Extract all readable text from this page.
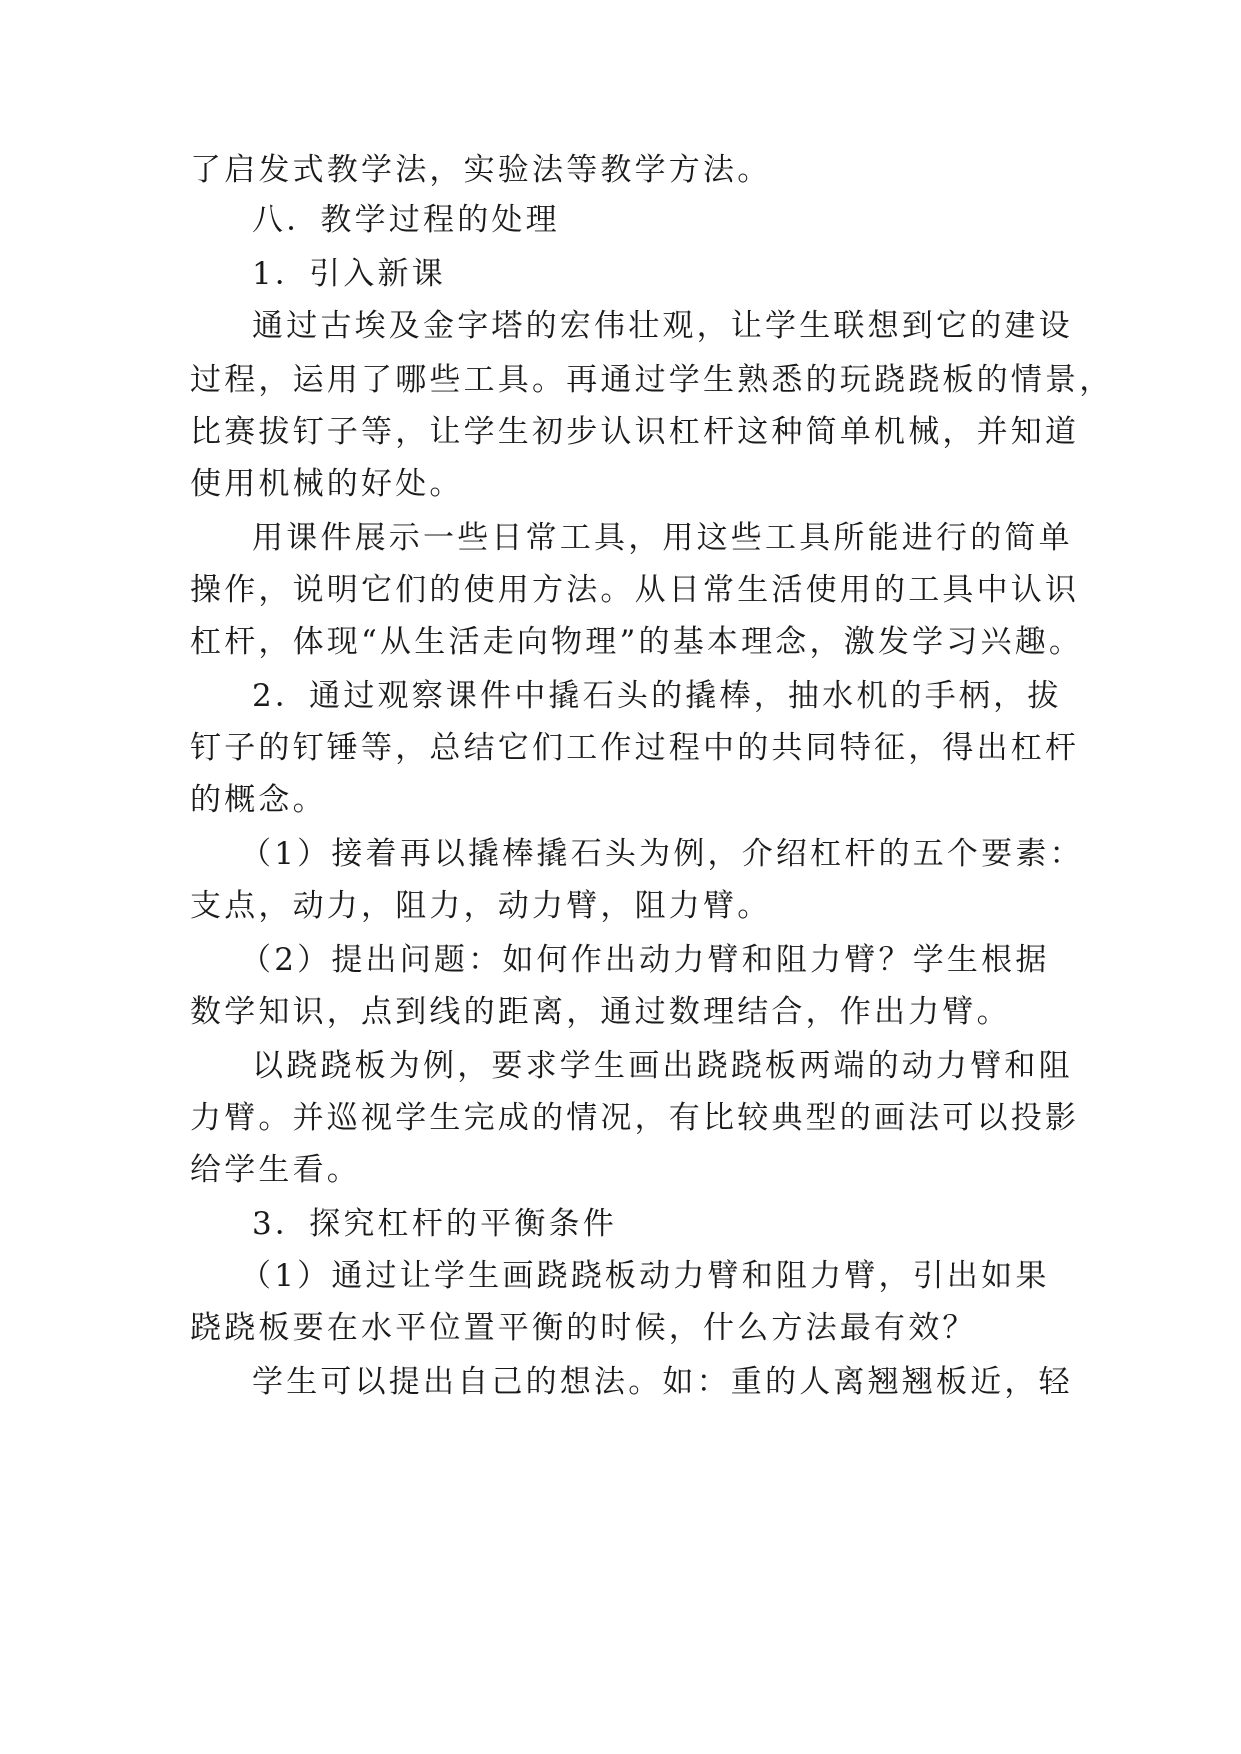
了启发式教学法，实验法等教学方法。
八．教学过程的处理
1．引入新课
通过古埃及金字塔的宏伟壮观，让学生联想到它的建设
过程，运用了哪些工具。再通过学生熟悉的玩跷跷板的情景，
比赛拔钉子等，让学生初步认识杠杆这种简单机械，并知道
使用机械的好处。
用课件展示一些日常工具，用这些工具所能进行的简单
操作，说明它们的使用方法。从日常生活使用的工具中认识
杠杆，体现“从生活走向物理”的基本理念，激发学习兴趣。
2．通过观察课件中撬石头的撬棒，抽水机的手柄，拔
钉子的钉锤等，总结它们工作过程中的共同特征，得出杠杆
的概念。
（1）接着再以撬棒撬石头为例，介绍杠杆的五个要素：
支点，动力，阻力，动力臂，阻力臂。
（2）提出问题：如何作出动力臂和阻力臂？学生根据
数学知识，点到线的距离，通过数理结合，作出力臂。
以跷跷板为例，要求学生画出跷跷板两端的动力臂和阻
力臂。并巡视学生完成的情况，有比较典型的画法可以投影
给学生看。
3．探究杠杆的平衡条件
（1）通过让学生画跷跷板动力臂和阻力臂，引出如果
跷跷板要在水平位置平衡的时候，什么方法最有效？
学生可以提出自己的想法。如：重的人离翘翘板近，轻
